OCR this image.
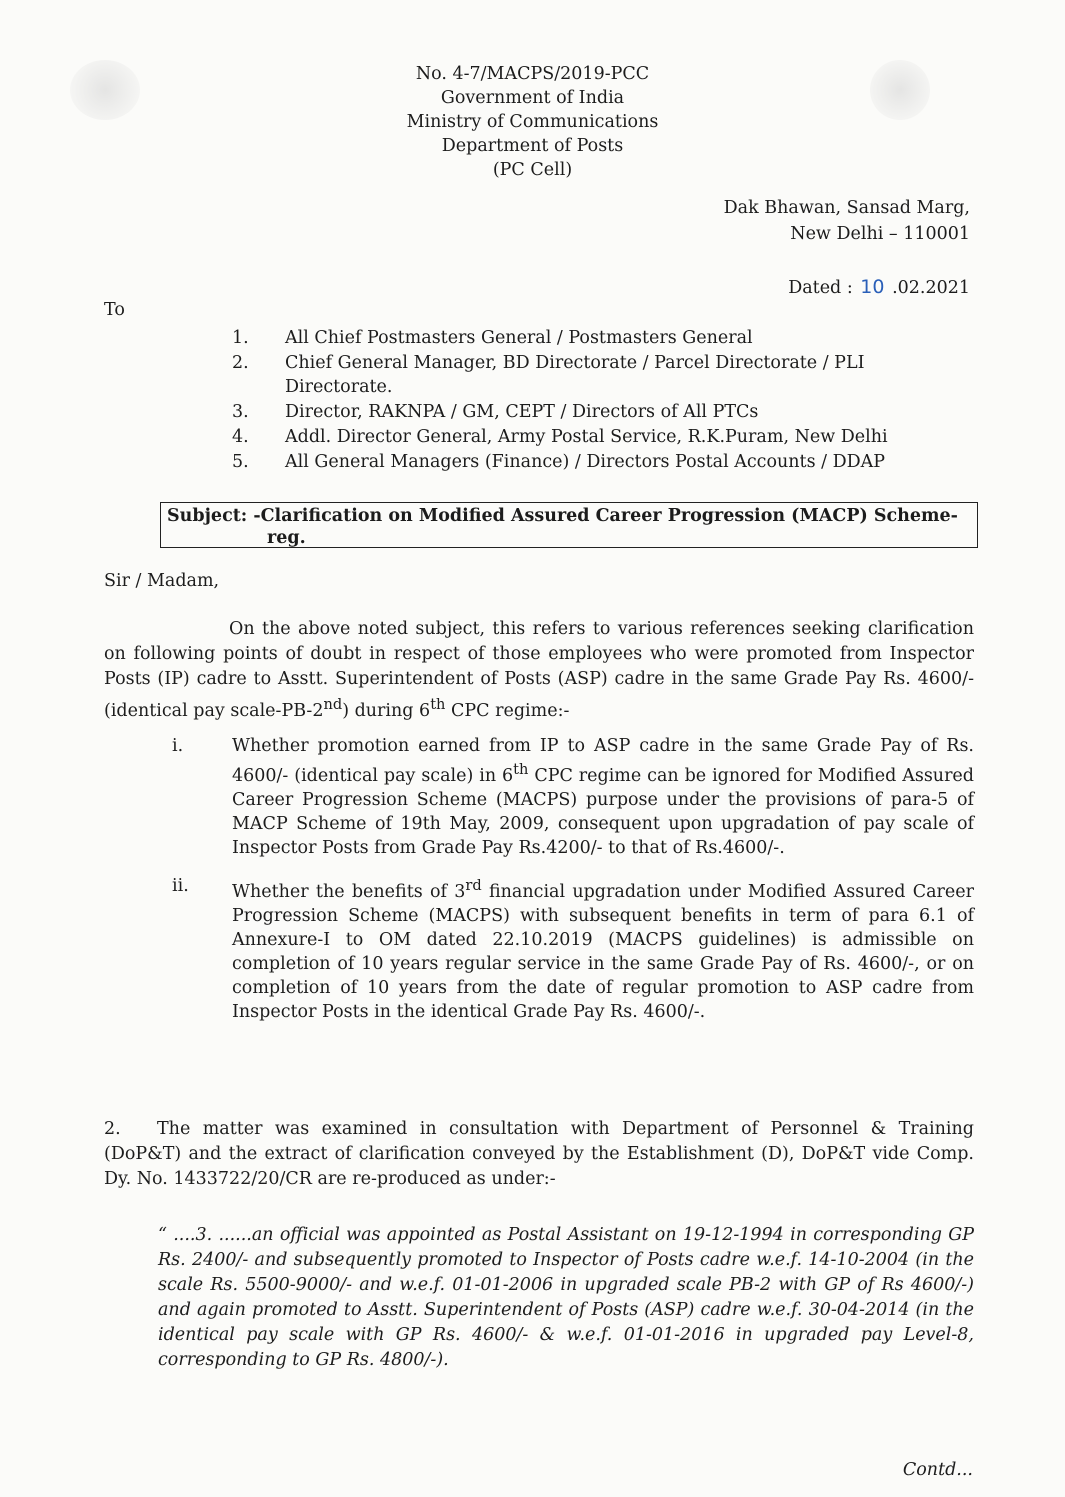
No. 4-7/MACPS/2019-PCC
Government of India
Ministry of Communications
Department of Posts
(PC Cell)
Dak Bhawan, Sansad Marg,
New Delhi – 110001
Dated : 10 .02.2021
To
1.	All Chief Postmasters General / Postmasters General
2.	Chief General Manager, BD Directorate / Parcel Directorate / PLI Directorate.
3.	Director, RAKNPA / GM, CEPT / Directors of All PTCs
4.	Addl. Director General, Army Postal Service, R.K.Puram, New Delhi
5.	All General Managers (Finance) / Directors Postal Accounts / DDAP
Subject: -Clarification on Modified Assured Career Progression (MACP) Scheme-
reg.
Sir / Madam,
On the above noted subject, this refers to various references seeking clarification on following points of doubt in respect of those employees who were promoted from Inspector Posts (IP) cadre to Asstt. Superintendent of Posts (ASP) cadre in the same Grade Pay Rs. 4600/- (identical pay scale-PB-2nd) during 6th CPC regime:-
i.	Whether promotion earned from IP to ASP cadre in the same Grade Pay of Rs. 4600/- (identical pay scale) in 6th CPC regime can be ignored for Modified Assured Career Progression Scheme (MACPS) purpose under the provisions of para-5 of MACP Scheme of 19th May, 2009, consequent upon upgradation of pay scale of Inspector Posts from Grade Pay Rs.4200/- to that of Rs.4600/-.
ii.	Whether the benefits of 3rd financial upgradation under Modified Assured Career Progression Scheme (MACPS) with subsequent benefits in term of para 6.1 of Annexure-I to OM dated 22.10.2019 (MACPS guidelines) is admissible on completion of 10 years regular service in the same Grade Pay of Rs. 4600/-, or on completion of 10 years from the date of regular promotion to ASP cadre from Inspector Posts in the identical Grade Pay Rs. 4600/-.
2. The matter was examined in consultation with Department of Personnel & Training (DoP&T) and the extract of clarification conveyed by the Establishment (D), DoP&T vide Comp. Dy. No. 1433722/20/CR are re-produced as under:-
“ ....3. ......an official was appointed as Postal Assistant on 19-12-1994 in corresponding GP Rs. 2400/- and subsequently promoted to Inspector of Posts cadre w.e.f. 14-10-2004 (in the scale Rs. 5500-9000/- and w.e.f. 01-01-2006 in upgraded scale PB-2 with GP of Rs 4600/-) and again promoted to Asstt. Superintendent of Posts (ASP) cadre w.e.f. 30-04-2014 (in the identical pay scale with GP Rs. 4600/- & w.e.f. 01-01-2016 in upgraded pay Level-8, corresponding to GP Rs. 4800/-).
Contd...
